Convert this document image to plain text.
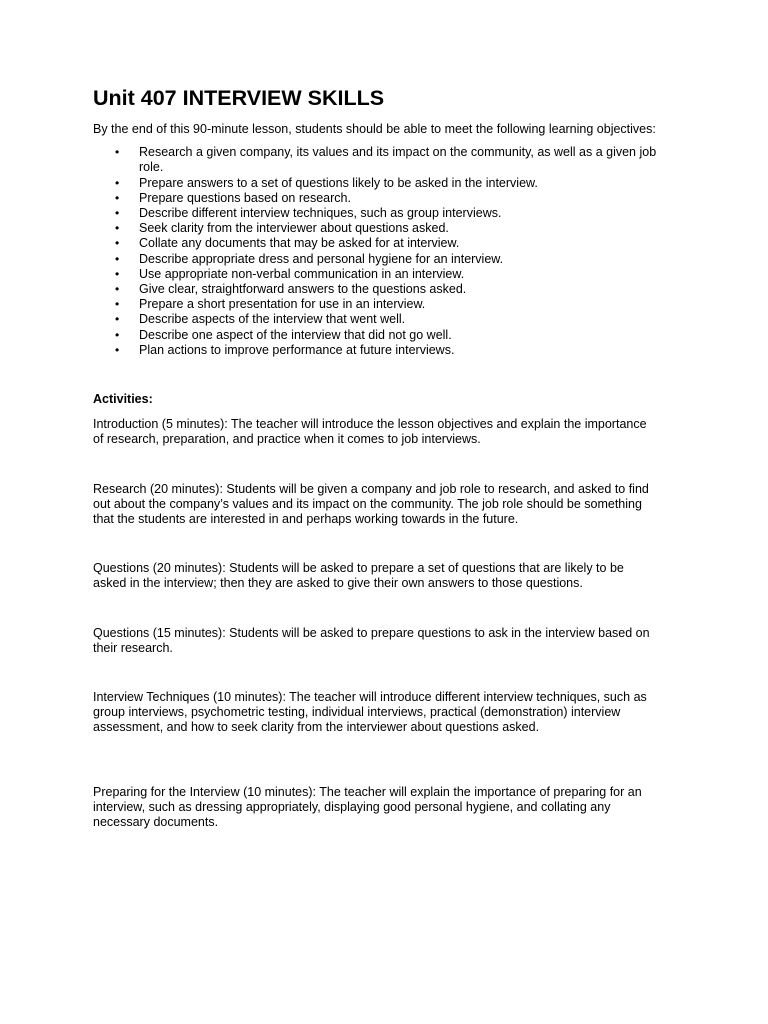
Unit 407 INTERVIEW SKILLS

By the end of this 90-minute lesson, students should be able to meet the following learning objectives:

• Research a given company, its values and its impact on the community, as well as a given job
role.
• Prepare answers to a set of questions likely to be asked in the interview.
• Prepare questions based on research.
• Describe different interview techniques, such as group interviews.
• Seek clarity from the interviewer about questions asked.
• Collate any documents that may be asked for at interview.
• Describe appropriate dress and personal hygiene for an interview.
• Use appropriate non-verbal communication in an interview.
• Give clear, straightforward answers to the questions asked.
• Prepare a short presentation for use in an interview.
• Describe aspects of the interview that went well.
• Describe one aspect of the interview that did not go well.
• Plan actions to improve performance at future interviews.
Activities:

Introduction (5 minutes): The teacher will introduce the lesson objectives and explain the importance
of research, preparation, and practice when it comes to job interviews.

Research (20 minutes): Students will be given a company and job role to research, and asked to find
out about the company’s values and its impact on the community. The job role should be something
that the students are interested in and perhaps working towards in the future.

Questions (20 minutes): Students will be asked to prepare a set of questions that are likely to be
asked in the interview; then they are asked to give their own answers to those questions.

Questions (15 minutes): Students will be asked to prepare questions to ask in the interview based on
their research.

Interview Techniques (10 minutes): The teacher will introduce different interview techniques, such as
group interviews, psychometric testing, individual interviews, practical (demonstration) interview
assessment, and how to seek clarity from the interviewer about questions asked.

Preparing for the Interview (10 minutes): The teacher will explain the importance of preparing for an
interview, such as dressing appropriately, displaying good personal hygiene, and collating any
necessary documents.
